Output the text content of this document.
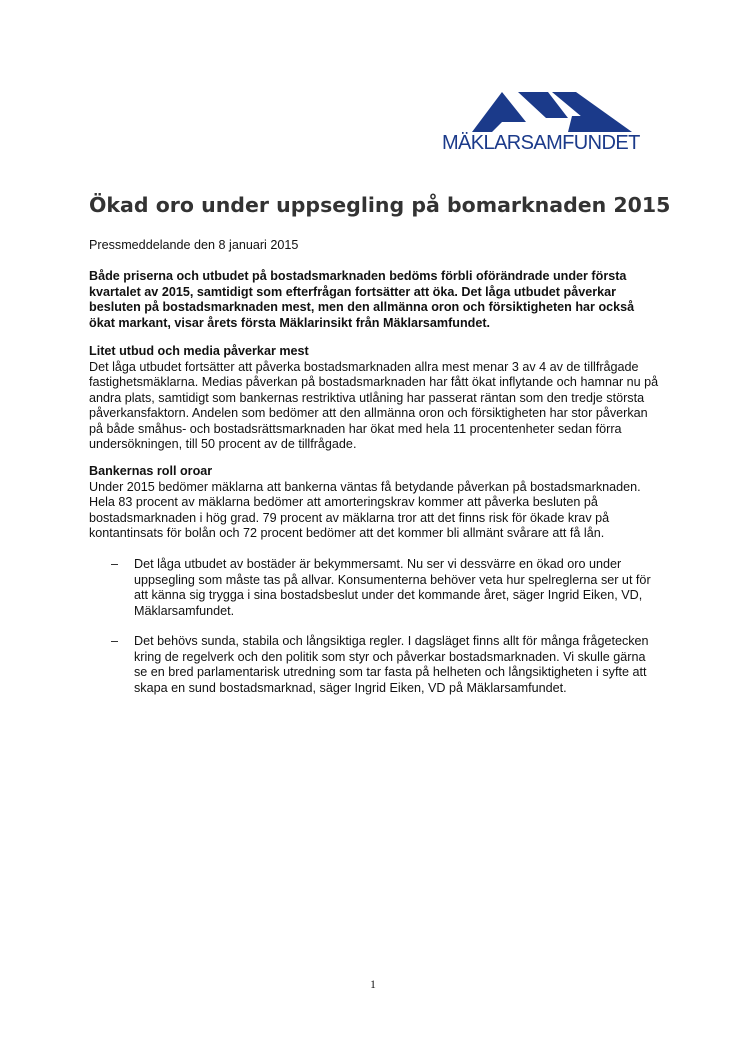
MÄKLARSAMFUNDET
Ökad oro under uppsegling på bomarknaden 2015
Pressmeddelande den 8 januari 2015
Både priserna och utbudet på bostadsmarknaden bedöms förbli oförändrade under första
kvartalet av 2015, samtidigt som efterfrågan fortsätter att öka. Det låga utbudet påverkar
besluten på bostadsmarknaden mest, men den allmänna oron och försiktigheten har också
ökat markant, visar årets första Mäklarinsikt från Mäklarsamfundet.
Litet utbud och media påverkar mest
Det låga utbudet fortsätter att påverka bostadsmarknaden allra mest menar 3 av 4 av de tillfrågade
fastighetsmäklarna. Medias påverkan på bostadsmarknaden har fått ökat inflytande och hamnar nu på
andra plats, samtidigt som bankernas restriktiva utlåning har passerat räntan som den tredje största
påverkansfaktorn. Andelen som bedömer att den allmänna oron och försiktigheten har stor påverkan
på både småhus- och bostadsrättsmarknaden har ökat med hela 11 procentenheter sedan förra
undersökningen, till 50 procent av de tillfrågade.
Bankernas roll oroar
Under 2015 bedömer mäklarna att bankerna väntas få betydande påverkan på bostadsmarknaden.
Hela 83 procent av mäklarna bedömer att amorteringskrav kommer att påverka besluten på
bostadsmarknaden i hög grad. 79 procent av mäklarna tror att det finns risk för ökade krav på
kontantinsats för bolån och 72 procent bedömer att det kommer bli allmänt svårare att få lån.
– Det låga utbudet av bostäder är bekymmersamt. Nu ser vi dessvärre en ökad oro under
uppsegling som måste tas på allvar. Konsumenterna behöver veta hur spelreglerna ser ut för
att känna sig trygga i sina bostadsbeslut under det kommande året, säger Ingrid Eiken, VD,
Mäklarsamfundet.
– Det behövs sunda, stabila och långsiktiga regler. I dagsläget finns allt för många frågetecken
kring de regelverk och den politik som styr och påverkar bostadsmarknaden. Vi skulle gärna
se en bred parlamentarisk utredning som tar fasta på helheten och långsiktigheten i syfte att
skapa en sund bostadsmarknad, säger Ingrid Eiken, VD på Mäklarsamfundet.
1
